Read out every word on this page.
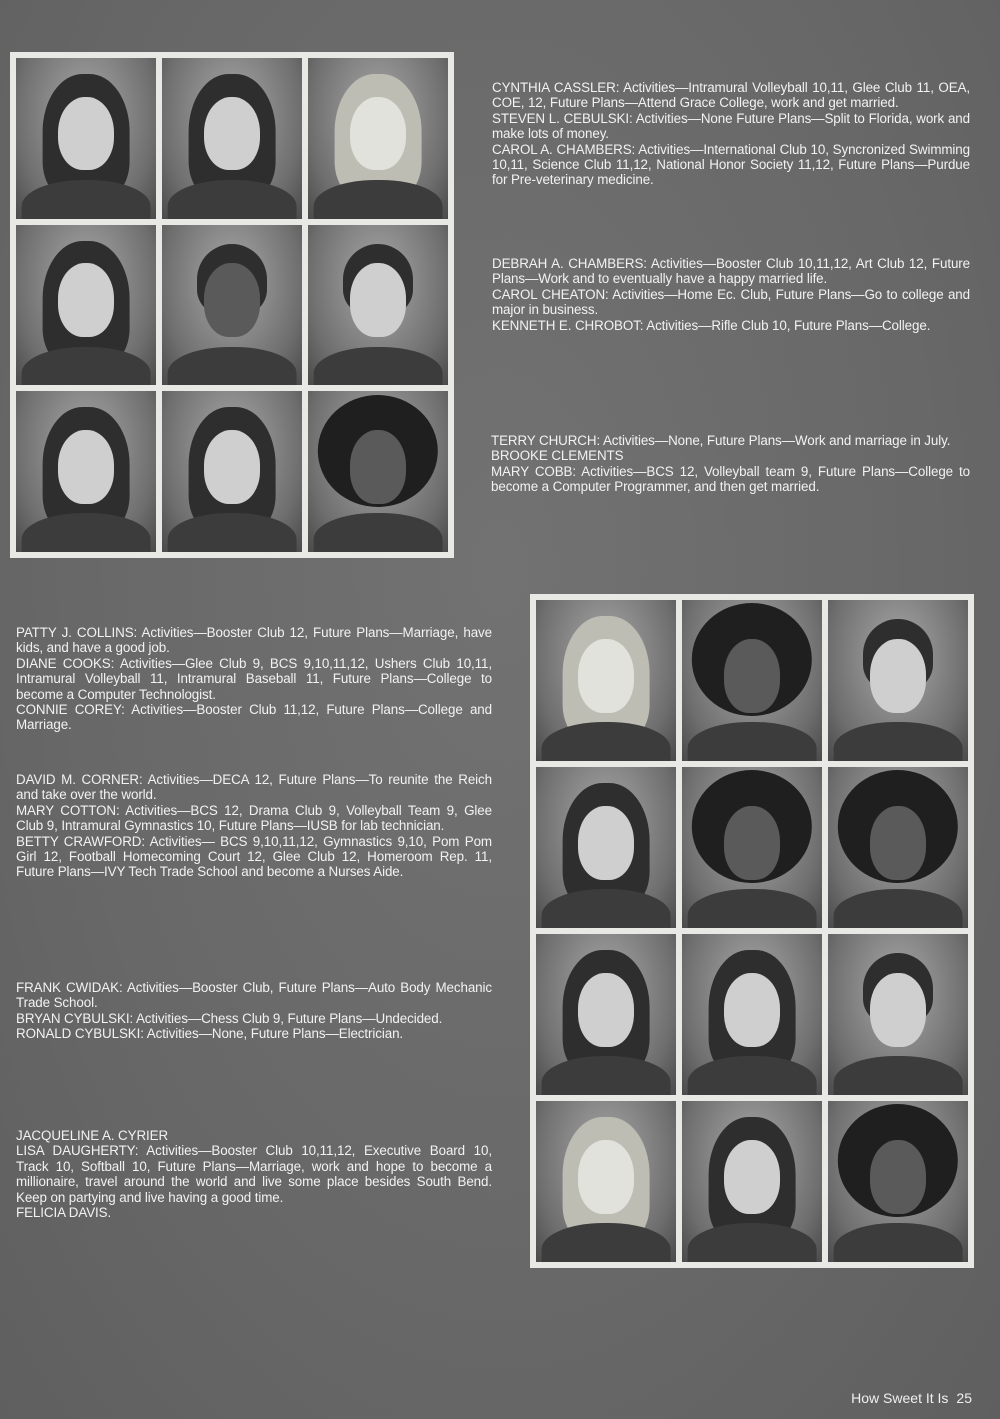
CYNTHIA CASSLER: Activities—Intramural Volleyball 10,11, Glee Club 11, OEA, COE, 12, Future Plans—Attend Grace College, work and get married.

STEVEN L. CEBULSKI: Activities—None Future Plans—Split to Florida, work and make lots of money.

CAROL A. CHAMBERS: Activities—International Club 10, Syncronized Swimming 10,11, Science Club 11,12, National Honor Society 11,12, Future Plans—Purdue for Pre-veterinary medicine.

DEBRAH A. CHAMBERS: Activities—Booster Club 10,11,12, Art Club 12, Future Plans—Work and to eventually have a happy married life.

CAROL CHEATON: Activities—Home Ec. Club, Future Plans—Go to college and major in business.

KENNETH E. CHROBOT: Activities—Rifle Club 10, Future Plans—College.

TERRY CHURCH: Activities—None, Future Plans—Work and marriage in July.

BROOKE CLEMENTS

MARY COBB: Activities—BCS 12, Volleyball team 9, Future Plans—College to become a Computer Programmer, and then get married.

PATTY J. COLLINS: Activities—Booster Club 12, Future Plans—Marriage, have kids, and have a good job.

DIANE COOKS: Activities—Glee Club 9, BCS 9,10,11,12, Ushers Club 10,11, Intramural Volleyball 11, Intramural Baseball 11, Future Plans—College to become a Computer Technologist.

CONNIE COREY: Activities—Booster Club 11,12, Future Plans—College and Marriage.

DAVID M. CORNER: Activities—DECA 12, Future Plans—To reunite the Reich and take over the world.

MARY COTTON: Activities—BCS 12, Drama Club 9, Volleyball Team 9, Glee Club 9, Intramural Gymnastics 10, Future Plans—IUSB for lab technician.

BETTY CRAWFORD: Activities— BCS 9,10,11,12, Gymnastics 9,10, Pom Pom Girl 12, Football Homecoming Court 12, Glee Club 12, Homeroom Rep. 11, Future Plans—IVY Tech Trade School and become a Nurses Aide.

FRANK CWIDAK: Activities—Booster Club, Future Plans—Auto Body Mechanic Trade School.

BRYAN CYBULSKI: Activities—Chess Club 9, Future Plans—Undecided.

RONALD CYBULSKI: Activities—None, Future Plans—Electrician.

JACQUELINE A. CYRIER

LISA DAUGHERTY: Activities—Booster Club 10,11,12, Executive Board 10, Track 10, Softball 10, Future Plans—Marriage, work and hope to become a millionaire, travel around the world and live some place besides South Bend. Keep on partying and live having a good time.

FELICIA DAVIS.

How Sweet It Is 25
